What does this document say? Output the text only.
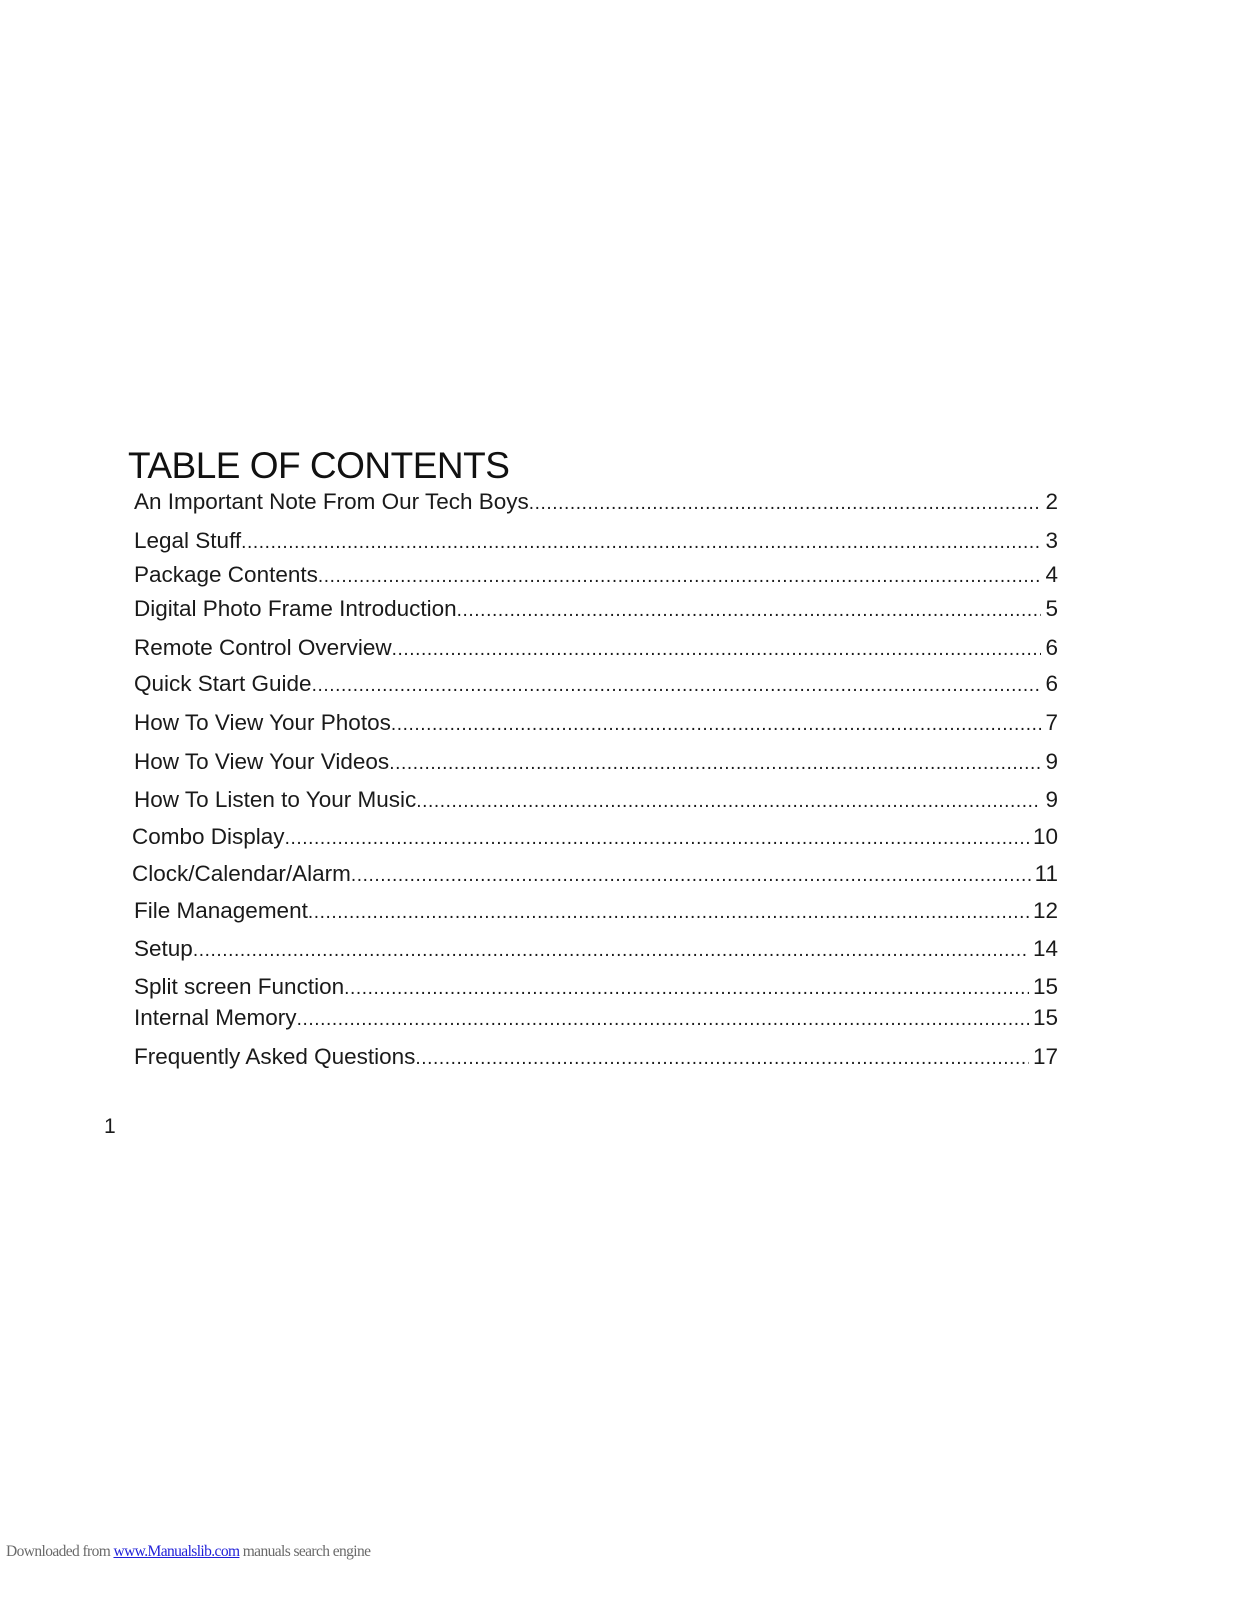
TABLE OF CONTENTS
An Important Note From Our Tech Boys .....	2
Legal Stuff .....	3
Package Contents .....	4
Digital Photo Frame Introduction .....	5
Remote Control Overview .....	6
Quick Start Guide .....	6
How To View Your Photos .....	7
How To View Your Videos .....	9
How To Listen to Your Music .....	9
Combo Display .....	10
Clock/Calendar/Alarm .....	11
File Management .....	12
Setup .....	14
Split screen Function .....	15
Internal Memory .....	15
Frequently Asked Questions .....	17
1
Downloaded from www.Manualslib.com manuals search engine
